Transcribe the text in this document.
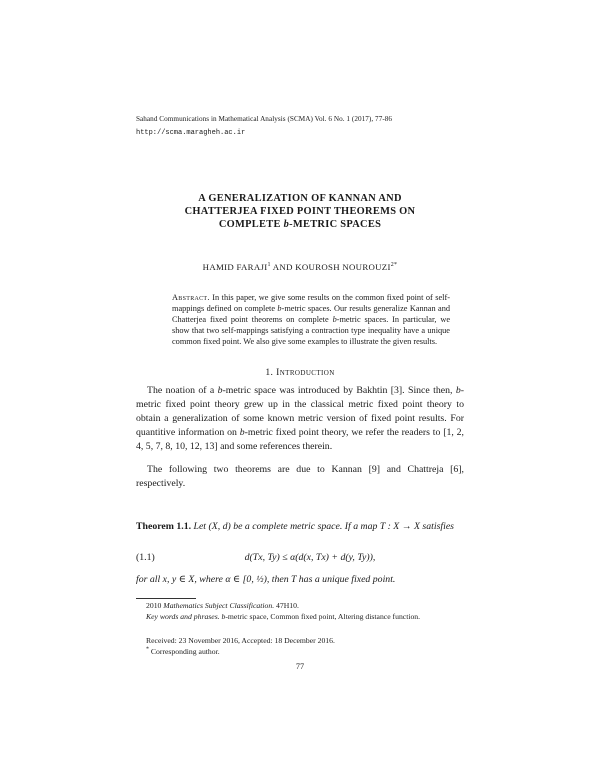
Sahand Communications in Mathematical Analysis (SCMA) Vol. 6 No. 1 (2017), 77-86
http://scma.maragheh.ac.ir
A GENERALIZATION OF KANNAN AND
CHATTERJEA FIXED POINT THEOREMS ON
COMPLETE b-METRIC SPACES
HAMID FARAJI$^1$ AND KOUROSH $NOUROUZI^{2*}$
Abstract. In this paper, we give some results on the common fixed point of self-mappings defined on complete b-metric spaces. Our results generalize Kannan and Chatterjea fixed point theorems on complete b-metric spaces. In particular, we show that two self-mappings satisfying a contraction type inequality have a unique common fixed point. We also give some examples to illustrate the given results.
1. Introduction
The noation of a b-metric space was introduced by Bakhtin [3]. Since then, b-metric fixed point theory grew up in the classical metric fixed point theory to obtain a generalization of some known metric version of fixed point results. For quantitive information on b-metric fixed point theory, we refer the readers to [1, 2, 4, 5, 7, 8, 10, 12, 13] and some references therein.
The following two theorems are due to Kannan [9] and Chattreja [6], respectively.
Theorem 1.1. Let (X, d) be a complete metric space. If a map T : X → X satisfies
(1.1)	d(Tx, Ty) ≤ α(d(x, Tx) + d(y, Ty)),
for all x, y ∈ X, where α ∈ [0, ½), then T has a unique fixed point.
2010 Mathematics Subject Classification. 47H10.
Key words and phrases. b-metric space, Common fixed point, Altering distance function.
Received: 23 November 2016, Accepted: 18 December 2016.
* Corresponding author.
77
